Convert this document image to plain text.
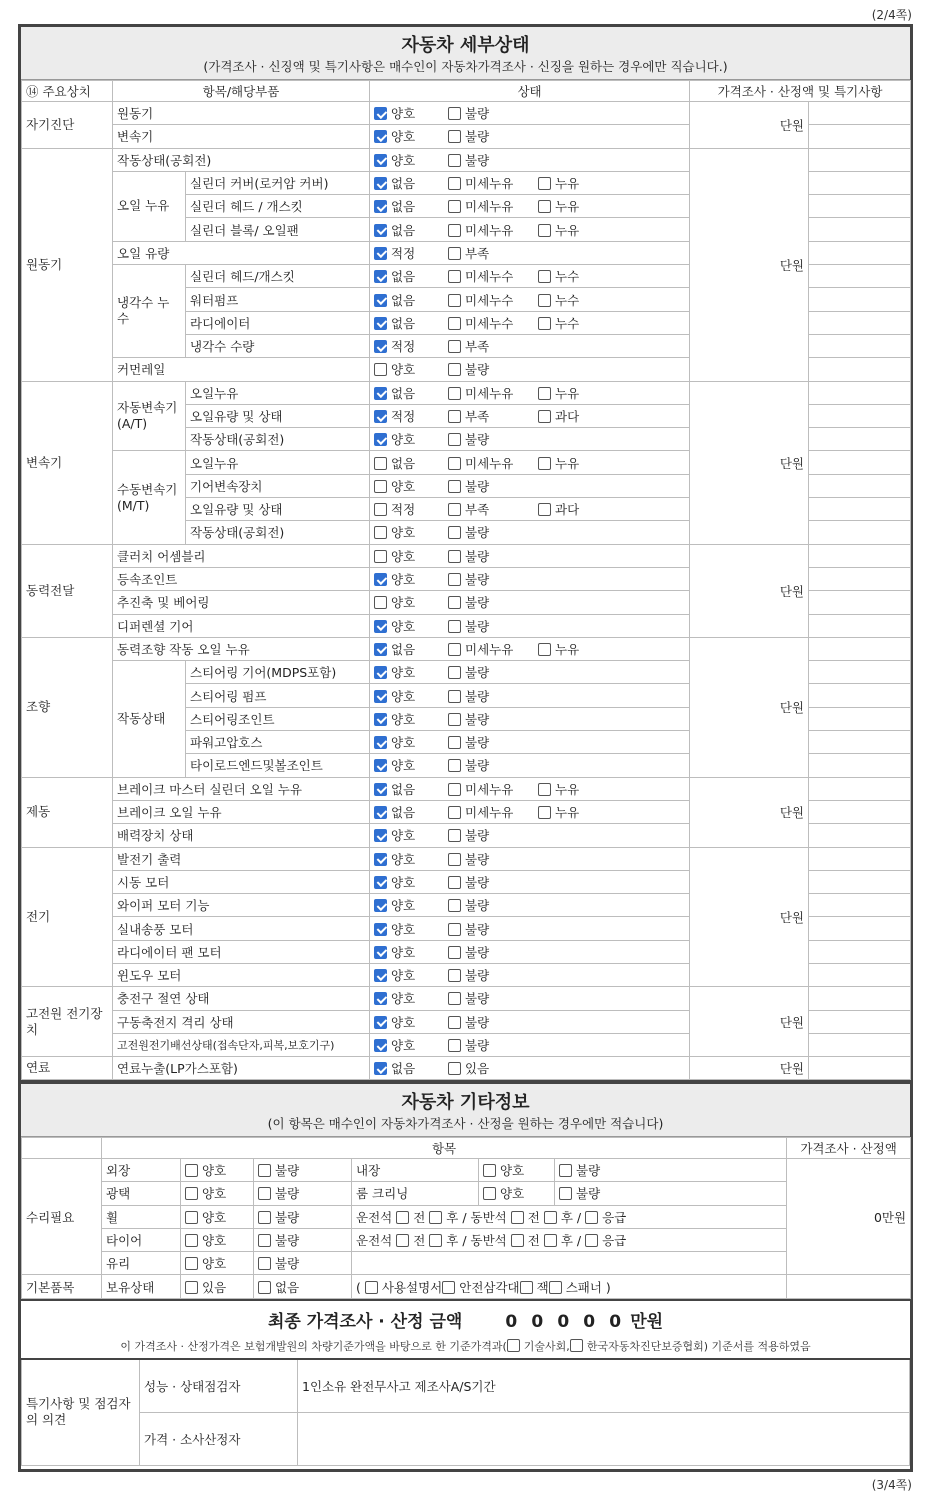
(2/4쪽)
자동차 세부상태
(가격조사 · 신징액 및 특기사항은 매수인이 자동차가격조사 · 신징을 원하는 경우에만 직습니다.)
⑭ 주요상치	항목/해당부품		상태	가격조사 · 산정액 및 특기사항	
자기진단	원동기		양호 불량	단원	
	변속기		양호 불량		
원동기	작동상태(공회전)		양호 불량	단원	
	오일 누유	실린더 커버(로커암 커버)	없음 미세누유 누유		
		실린더 헤드 / 개스킷	없음 미세누유 누유		
		실린더 블록/ 오일팬	없음 미세누유 누유		
	오일 유량		적정 부족		
	냉각수 누수	실린더 헤드/개스킷	없음 미세누수 누수		
		워터펌프	없음 미세누수 누수		
		라디에이터	없음 미세누수 누수		
		냉각수 수량	적정 부족		
	커먼레일		양호 불량		
변속기	자동변속기 (A/T)	오일누유	없음 미세누유 누유	단원	
		오일유량 및 상태	적정 부족 과다		
		작동상태(공회전)	양호 불량		
	수동변속기 (M/T)	오일누유	없음 미세누유 누유		
		기어변속장치	양호 불량		
		오일유량 및 상태	적정 부족 과다		
		작동상태(공회전)	양호 불량		
동력전달	클러치 어셈블리		양호 불량	단원	
	등속조인트		양호 불량		
	추진축 및 베어링		양호 불량		
	디퍼렌셜 기어		양호 불량		
조향	동력조향 작동 오일 누유		없음 미세누유 누유	단원	
	작동상태	스티어링 기어(MDPS포함)	양호 불량		
		스티어링 펌프	양호 불량		
		스티어링조인트	양호 불량		
		파워고압호스	양호 불량		
		타이로드엔드및볼조인트	양호 불량		
제동	브레이크 마스터 실린더 오일 누유		없음 미세누유 누유	단원	
	브레이크 오일 누유		없음 미세누유 누유		
	배력장치 상태		양호 불량		
전기	발전기 출력		양호 불량	단원	
	시동 모터		양호 불량		
	와이퍼 모터 기능		양호 불량		
	실내송풍 모터		양호 불량		
	라디에이터 팬 모터		양호 불량		
	윈도우 모터		양호 불량		
고전원 전기장치	충전구 절연 상태		양호 불량	단원	
	구동축전지 격리 상태		양호 불량		
	고전원전기배선상태(접속단자,피복,보호기구)		양호 불량		
연료	연료누출(LP가스포함)		없음 있음	단원	
자동차 기타정보
(이 항목은 매수인이 자동차가격조사 · 산정을 원하는 경우에만 적습니다)
	항목						가격조사 · 산정액
수리필요	외장	양호	불량	내장	양호	불량	0만원
	광택	양호	불량	룸 크리닝	양호	불량	
	휠	양호	불량	운전석 전 후 / 동반석 전 후 / 응급			
	타이어	양호	불량	운전석 전 후 / 동반석 전 후 / 응급			
	유리	양호	불량				
기본품목	보유상태	있음	없음	( 사용설명서 안전삼각대 잭 스패너 )			
최종 가격조사 · 산정 금액	0 0 0 0 0 만원
이 가격조사 · 산정가격은 보험개발원의 차량기준가액을 바탕으로 한 기준가격과( 기술사회, 한국자동차진단보증협회) 기준서를 적용하였음
특기사항 및 점검자의 의견	성능 · 상태점검자	1인소유 완전무사고 제조사A/S기간
	가격 · 소사산정자	
(3/4쪽)
